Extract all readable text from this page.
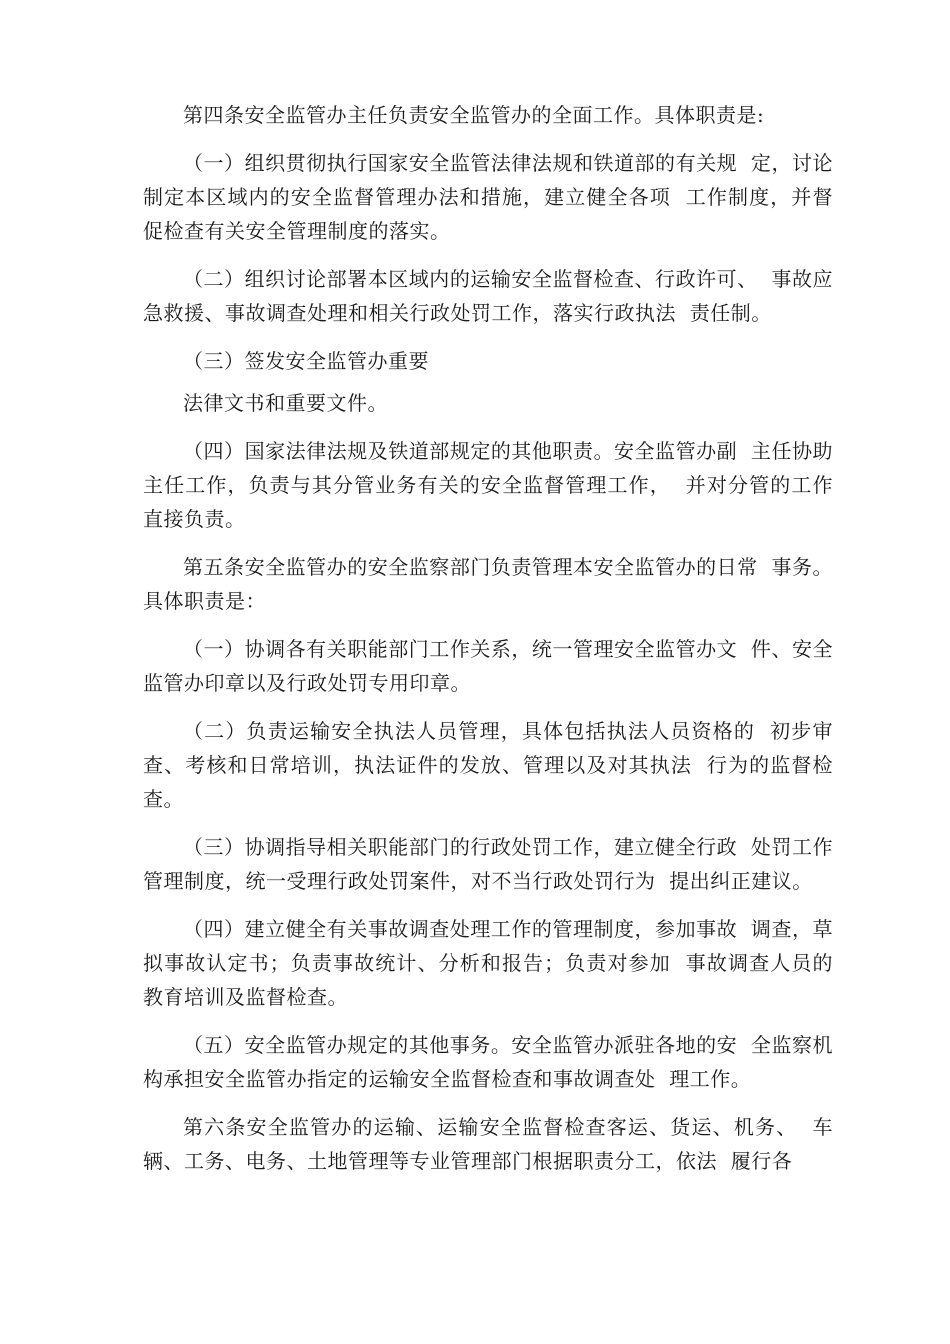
第四条安全监管办主任负责安全监管办的全面工作。具体职责是:

（一）组织贯彻执行国家安全监管法律法规和铁道部的有关规  定，讨论制定本区域内的安全监督管理办法和措施，建立健全各项  工作制度，并督促检查有关安全管理制度的落实。

（二）组织讨论部署本区域内的运输安全监督检查、行政许可、  事故应急救援、事故调查处理和相关行政处罚工作，落实行政执法  责任制。

（三）签发安全监管办重要

法律文书和重要文件。

（四）国家法律法规及铁道部规定的其他职责。安全监管办副  主任协助主任工作，负责与其分管业务有关的安全监督管理工作，  并对分管的工作直接负责。

第五条安全监管办的安全监察部门负责管理本安全监管办的日常  事务。具体职责是：

（一）协调各有关职能部门工作关系，统一管理安全监管办文  件、安全监管办印章以及行政处罚专用印章。

（二）负责运输安全执法人员管理，具体包括执法人员资格的  初步审查、考核和日常培训，执法证件的发放、管理以及对其执法  行为的监督检查。

（三）协调指导相关职能部门的行政处罚工作，建立健全行政  处罚工作管理制度，统一受理行政处罚案件，对不当行政处罚行为  提出纠正建议。

（四）建立健全有关事故调查处理工作的管理制度，参加事故  调查，草拟事故认定书；负责事故统计、分析和报告；负责对参加  事故调查人员的教育培训及监督检查。

（五）安全监管办规定的其他事务。安全监管办派驻各地的安  全监察机构承担安全监管办指定的运输安全监督检查和事故调查处  理工作。

第六条安全监管办的运输、运输安全监督检查客运、货运、机务、  车辆、工务、电务、土地管理等专业管理部门根据职责分工，依法  履行各
